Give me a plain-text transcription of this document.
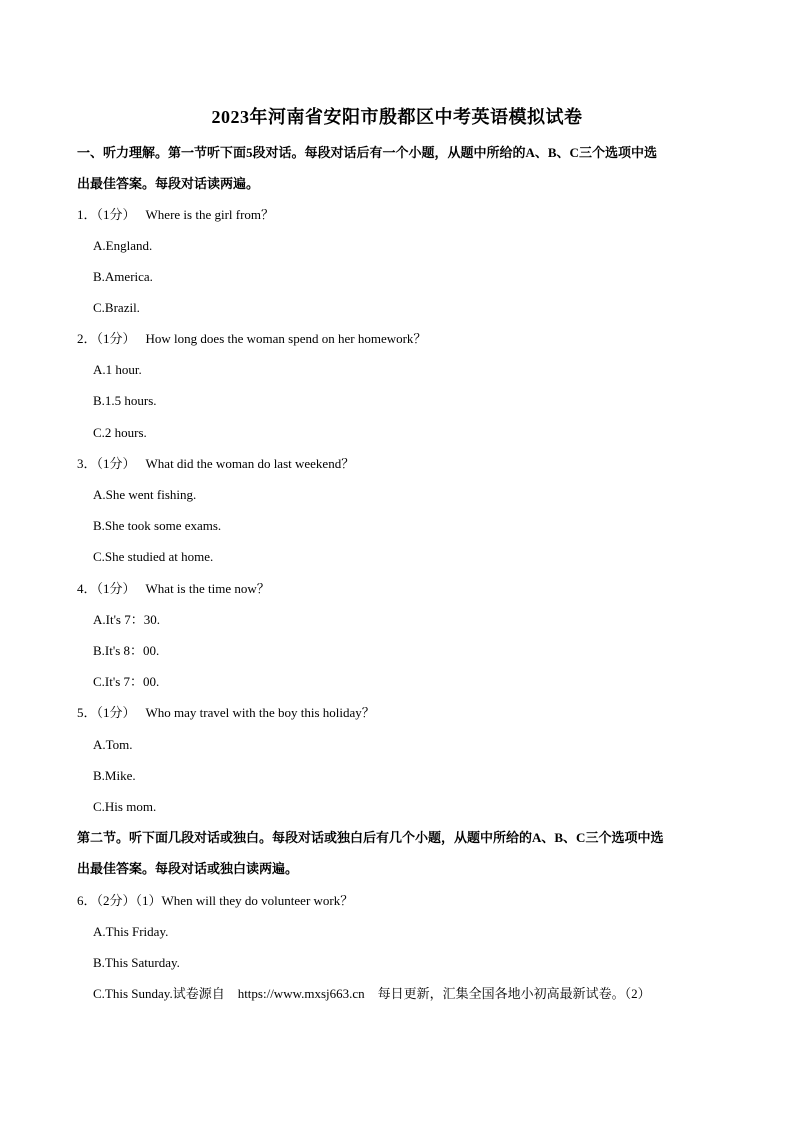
2023年河南省安阳市殷都区中考英语模拟试卷
一、听力理解。第一节听下面5段对话。每段对话后有一个小题，从题中所给的A、B、C三个选项中选
出最佳答案。每段对话读两遍。
1．（1分） Where is the girl from？
A.England.
B.America.
C.Brazil.
2．（1分） How long does the woman spend on her homework？
A.1 hour.
B.1.5 hours.
C.2 hours.
3．（1分） What did the woman do last weekend？
A.She went fishing.
B.She took some exams.
C.She studied at home.
4．（1分） What is the time now？
A.It's 7：30.
B.It's 8：00.
C.It's 7：00.
5．（1分） Who may travel with the boy this holiday？
A.Tom.
B.Mike.
C.His mom.
第二节。听下面几段对话或独白。每段对话或独白后有几个小题，从题中所给的A、B、C三个选项中选
出最佳答案。每段对话或独白读两遍。
6．（2分）（1）When will they do volunteer work？
A.This Friday.
B.This Saturday.
C.This Sunday.试卷源自    https://www.mxsj663.cn    每日更新，汇集全国各地小初高最新试卷。（2）
